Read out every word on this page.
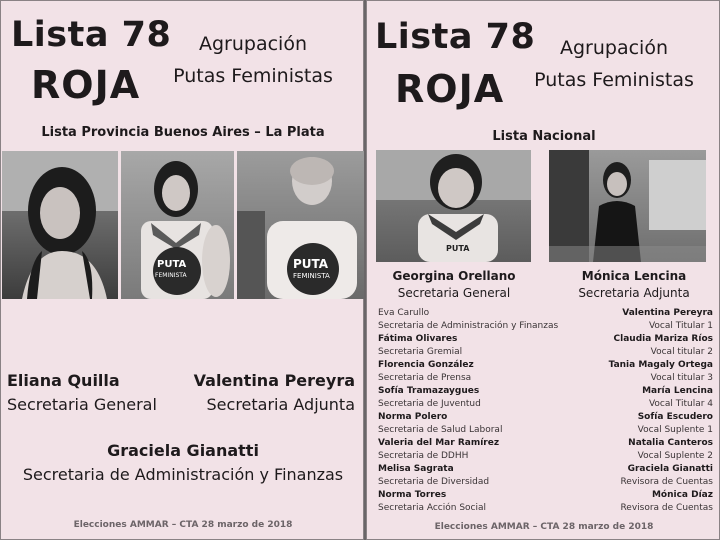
Lista 78
ROJA
Agrupación
Putas Feministas
Lista Provincia Buenos Aires – La Plata
PUTA
FEMINISTA
PUTA
FEMINISTA
Eliana Quilla
Secretaria General
Valentina Pereyra
Secretaria Adjunta
Graciela Gianatti
Secretaria de Administración y Finanzas
Elecciones AMMAR – CTA 28 marzo de 2018
Lista 78
ROJA
Agrupación
Putas Feministas
Lista Nacional
PUTA
Georgina Orellano
Secretaria General
Mónica Lencina
Secretaria Adjunta
Eva Carullo
Secretaria de Administración y Finanzas
Fátima Olivares
Secretaria Gremial
Florencia González
Secretaria de Prensa
Sofía Tramazaygues
Secretaria de Juventud
Norma Polero
Secretaria de Salud Laboral
Valeria del Mar Ramírez
Secretaria de DDHH
Melisa Sagrata
Secretaria de Diversidad
Norma Torres
Secretaria Acción Social
Valentina Pereyra
Vocal Titular 1
Claudia Mariza Ríos
Vocal titular 2
Tania Magaly Ortega
Vocal titular 3
María Lencina
Vocal Titular 4
Sofía Escudero
Vocal Suplente 1
Natalia Canteros
Vocal Suplente 2
Graciela Gianatti
Revisora de Cuentas
Mónica Díaz
Revisora de Cuentas
Elecciones AMMAR – CTA 28 marzo de 2018
